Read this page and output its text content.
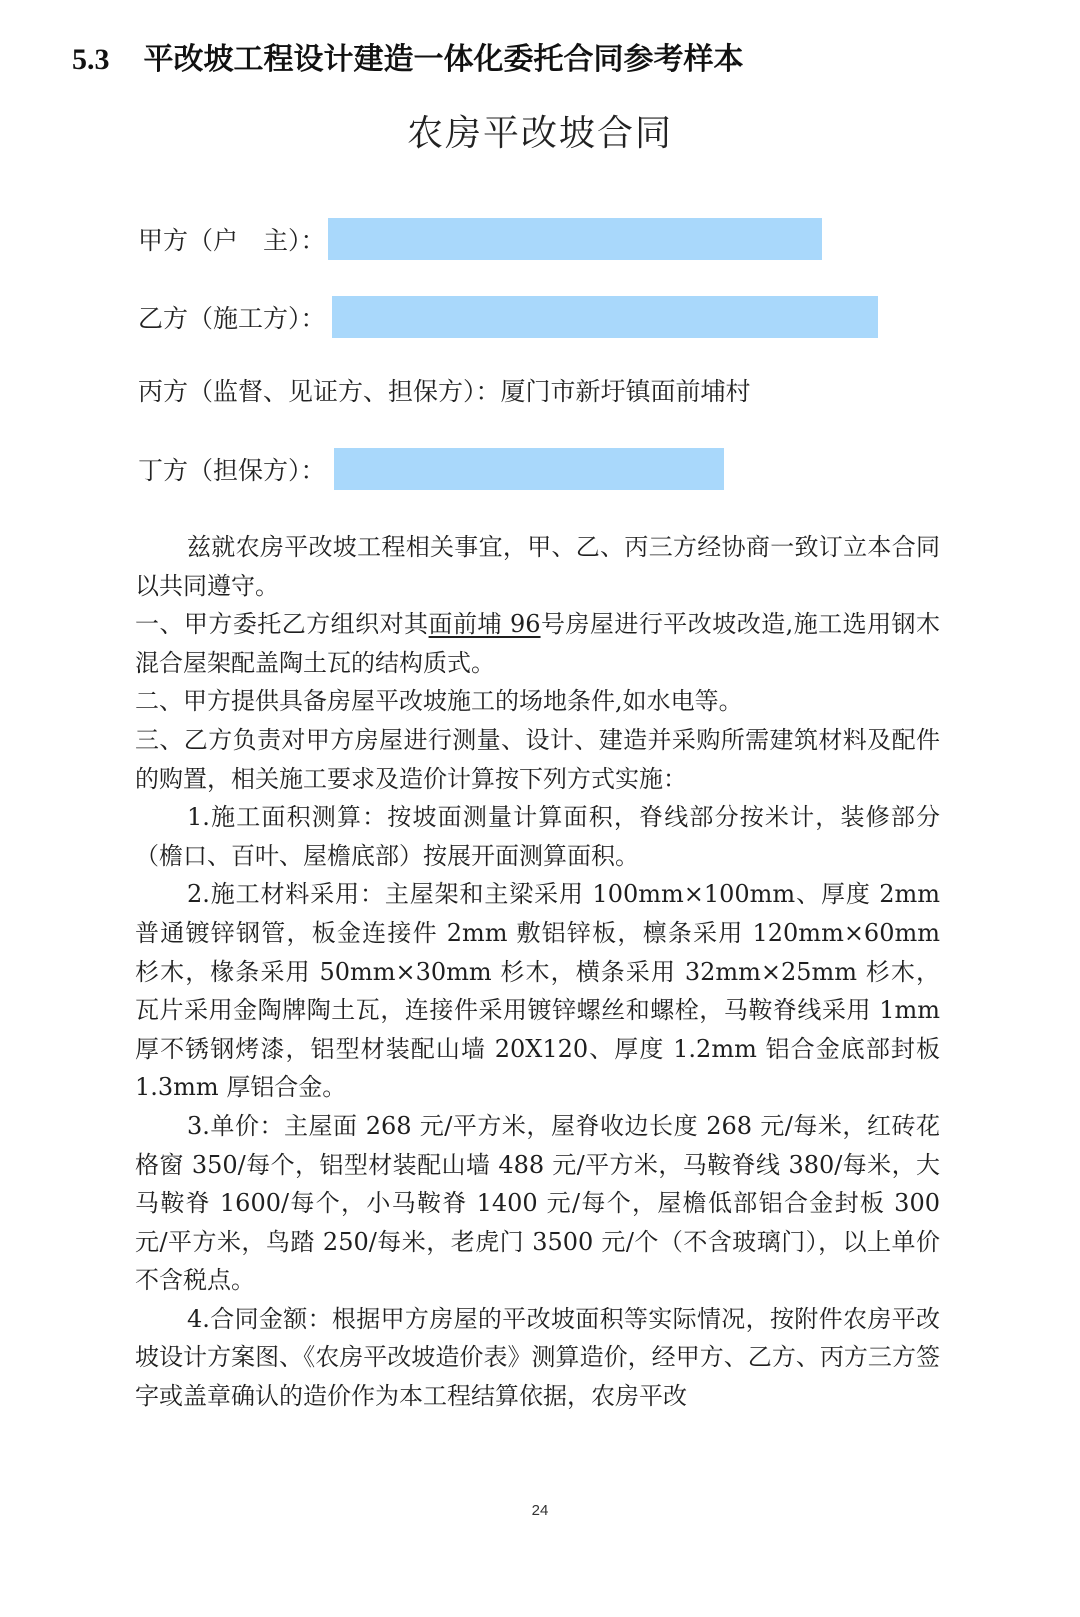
5.3 平改坡工程设计建造一体化委托合同参考样本
农房平改坡合同
甲方（户　主）：
乙方（施工方）：
丙方（监督、见证方、担保方）： 厦门市新圩镇面前埔村
丁方（担保方）：

兹就农房平改坡工程相关事宜，甲、乙、丙三方经协商一致订立本合同以共同遵守。

一、甲方委托乙方组织对其面前埔 96号房屋进行平改坡改造,施工选用钢木混合屋架配盖陶土瓦的结构质式。

二、甲方提供具备房屋平改坡施工的场地条件,如水电等。

三、乙方负责对甲方房屋进行测量、设计、建造并采购所需建筑材料及配件的购置，相关施工要求及造价计算按下列方式实施：

1.施工面积测算：按坡面测量计算面积，脊线部分按米计，装修部分（檐口、百叶、屋檐底部）按展开面测算面积。

2.施工材料采用：主屋架和主梁采用 100mm×100mm、厚度 2mm 普通镀锌钢管，板金连接件 2mm 敷铝锌板，檩条采用 120mm×60mm 杉木，椽条采用 50mm×30mm 杉木，横条采用 32mm×25mm 杉木，瓦片采用金陶牌陶土瓦，连接件采用镀锌螺丝和螺栓，马鞍脊线采用 1mm 厚不锈钢烤漆，铝型材装配山墙 20X120、厚度 1.2mm 铝合金底部封板 1.3mm 厚铝合金。

3.单价：主屋面 268 元/平方米，屋脊收边长度 268 元/每米，红砖花格窗 350/每个，铝型材装配山墙 488 元/平方米，马鞍脊线 380/每米，大马鞍脊 1600/每个，小马鞍脊 1400 元/每个，屋檐低部铝合金封板 300 元/平方米，鸟踏 250/每米，老虎门 3500 元/个（不含玻璃门），以上单价不含税点。

4.合同金额：根据甲方房屋的平改坡面积等实际情况，按附件农房平改坡设计方案图、《农房平改坡造价表》测算造价，经甲方、乙方、丙方三方签字或盖章确认的造价作为本工程结算依据，农房平改

24
